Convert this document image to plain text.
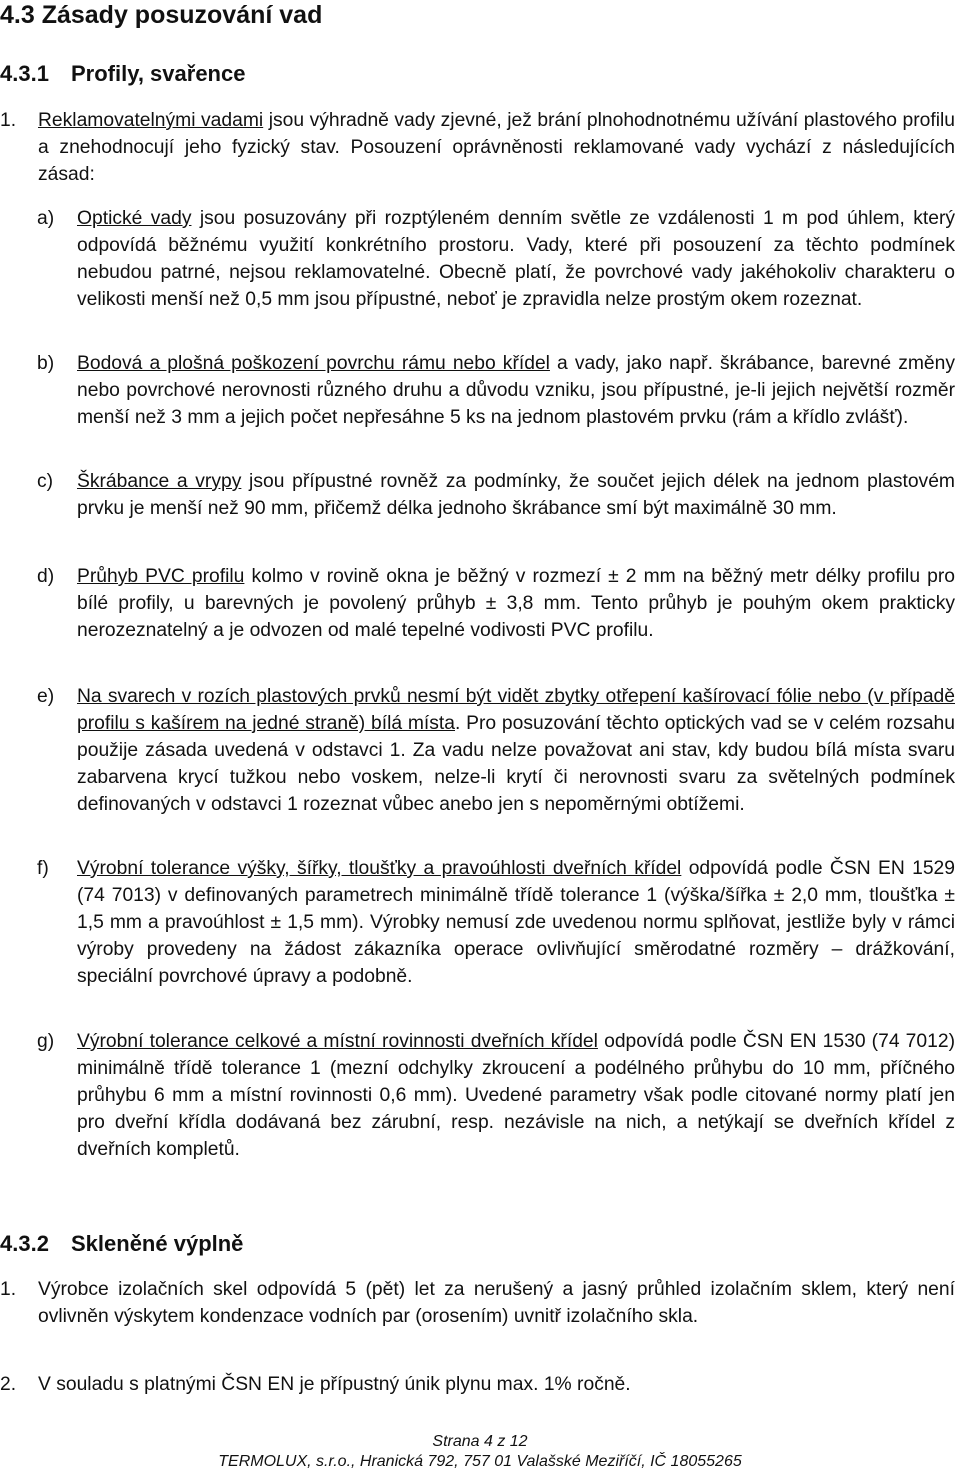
4.3 Zásady posuzování vad
4.3.1 Profily, svařence
1. Reklamovatelnými vadami jsou výhradně vady zjevné, jež brání plnohodnotnému užívání plastového profilu a znehodnocují jeho fyzický stav. Posouzení oprávněnosti reklamované vady vychází z následujících zásad:
a) Optické vady jsou posuzovány při rozptýleném denním světle ze vzdálenosti 1 m pod úhlem, který odpovídá běžnému využití konkrétního prostoru. Vady, které při posouzení za těchto podmínek nebudou patrné, nejsou reklamovatelné. Obecně platí, že povrchové vady jakéhokoliv charakteru o velikosti menší než 0,5 mm jsou přípustné, neboť je zpravidla nelze prostým okem rozeznat.
b) Bodová a plošná poškození povrchu rámu nebo křídel a vady, jako např. škrábance, barevné změny nebo povrchové nerovnosti různého druhu a důvodu vzniku, jsou přípustné, je-li jejich největší rozměr menší než 3 mm a jejich počet nepřesáhne 5 ks na jednom plastovém prvku (rám a křídlo zvlášť).
c) Škrábance a vrypy jsou přípustné rovněž za podmínky, že součet jejich délek na jednom plastovém prvku je menší než 90 mm, přičemž délka jednoho škrábance smí být maximálně 30 mm.
d) Průhyb PVC profilu kolmo v rovině okna je běžný v rozmezí ± 2 mm na běžný metr délky profilu pro bílé profily, u barevných je povolený průhyb ± 3,8 mm. Tento průhyb je pouhým okem prakticky nerozeznatelný a je odvozen od malé tepelné vodivosti PVC profilu.
e) Na svarech v rozích plastových prvků nesmí být vidět zbytky otřepení kašírovací fólie nebo (v případě profilu s kašírem na jedné straně) bílá místa. Pro posuzování těchto optických vad se v celém rozsahu použije zásada uvedená v odstavci 1. Za vadu nelze považovat ani stav, kdy budou bílá místa svaru zabarvena krycí tužkou nebo voskem, nelze-li krytí či nerovnosti svaru za světelných podmínek definovaných v odstavci 1 rozeznat vůbec anebo jen s nepoměrnými obtížemi.
f) Výrobní tolerance výšky, šířky, tloušťky a pravoúhlosti dveřních křídel odpovídá podle ČSN EN 1529 (74 7013) v definovaných parametrech minimálně třídě tolerance 1 (výška/šířka ± 2,0 mm, tloušťka ± 1,5 mm a pravoúhlost ± 1,5 mm). Výrobky nemusí zde uvedenou normu splňovat, jestliže byly v rámci výroby provedeny na žádost zákazníka operace ovlivňující směrodatné rozměry – drážkování, speciální povrchové úpravy a podobně.
g) Výrobní tolerance celkové a místní rovinnosti dveřních křídel odpovídá podle ČSN EN 1530 (74 7012) minimálně třídě tolerance 1 (mezní odchylky zkroucení a podélného průhybu do 10 mm, příčného průhybu 6 mm a místní rovinnosti 0,6 mm). Uvedené parametry však podle citované normy platí jen pro dveřní křídla dodávaná bez zárubní, resp. nezávisle na nich, a netýkají se dveřních křídel z dveřních kompletů.
4.3.2 Skleněné výplně
1. Výrobce izolačních skel odpovídá 5 (pět) let za nerušený a jasný průhled izolačním sklem, který není ovlivněn výskytem kondenzace vodních par (orosením) uvnitř izolačního skla.
2. V souladu s platnými ČSN EN je přípustný únik plynu max. 1% ročně.
Strana 4 z 12
TERMOLUX, s.r.o., Hranická 792, 757 01 Valašské Meziříčí, IČ 18055265
